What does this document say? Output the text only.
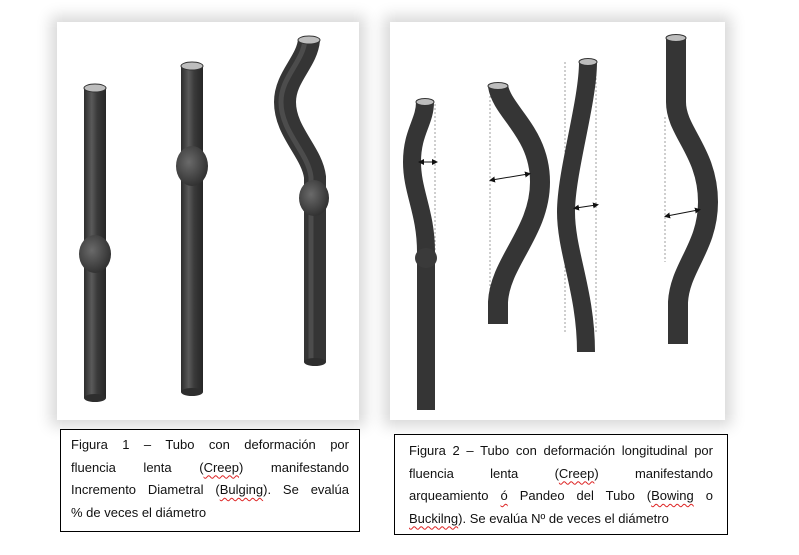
Figura 1 – Tubo con deformación por
fluencia lenta (Creep) manifestando
Incremento Diametral (Bulging). Se evalúa
% de veces el diámetro
Figura 2 – Tubo con deformación longitudinal por
fluencia lenta (Creep) manifestando
arqueamiento ó Pandeo del Tubo (Bowing o
Buckilng). Se evalúa Nº de veces el diámetro
